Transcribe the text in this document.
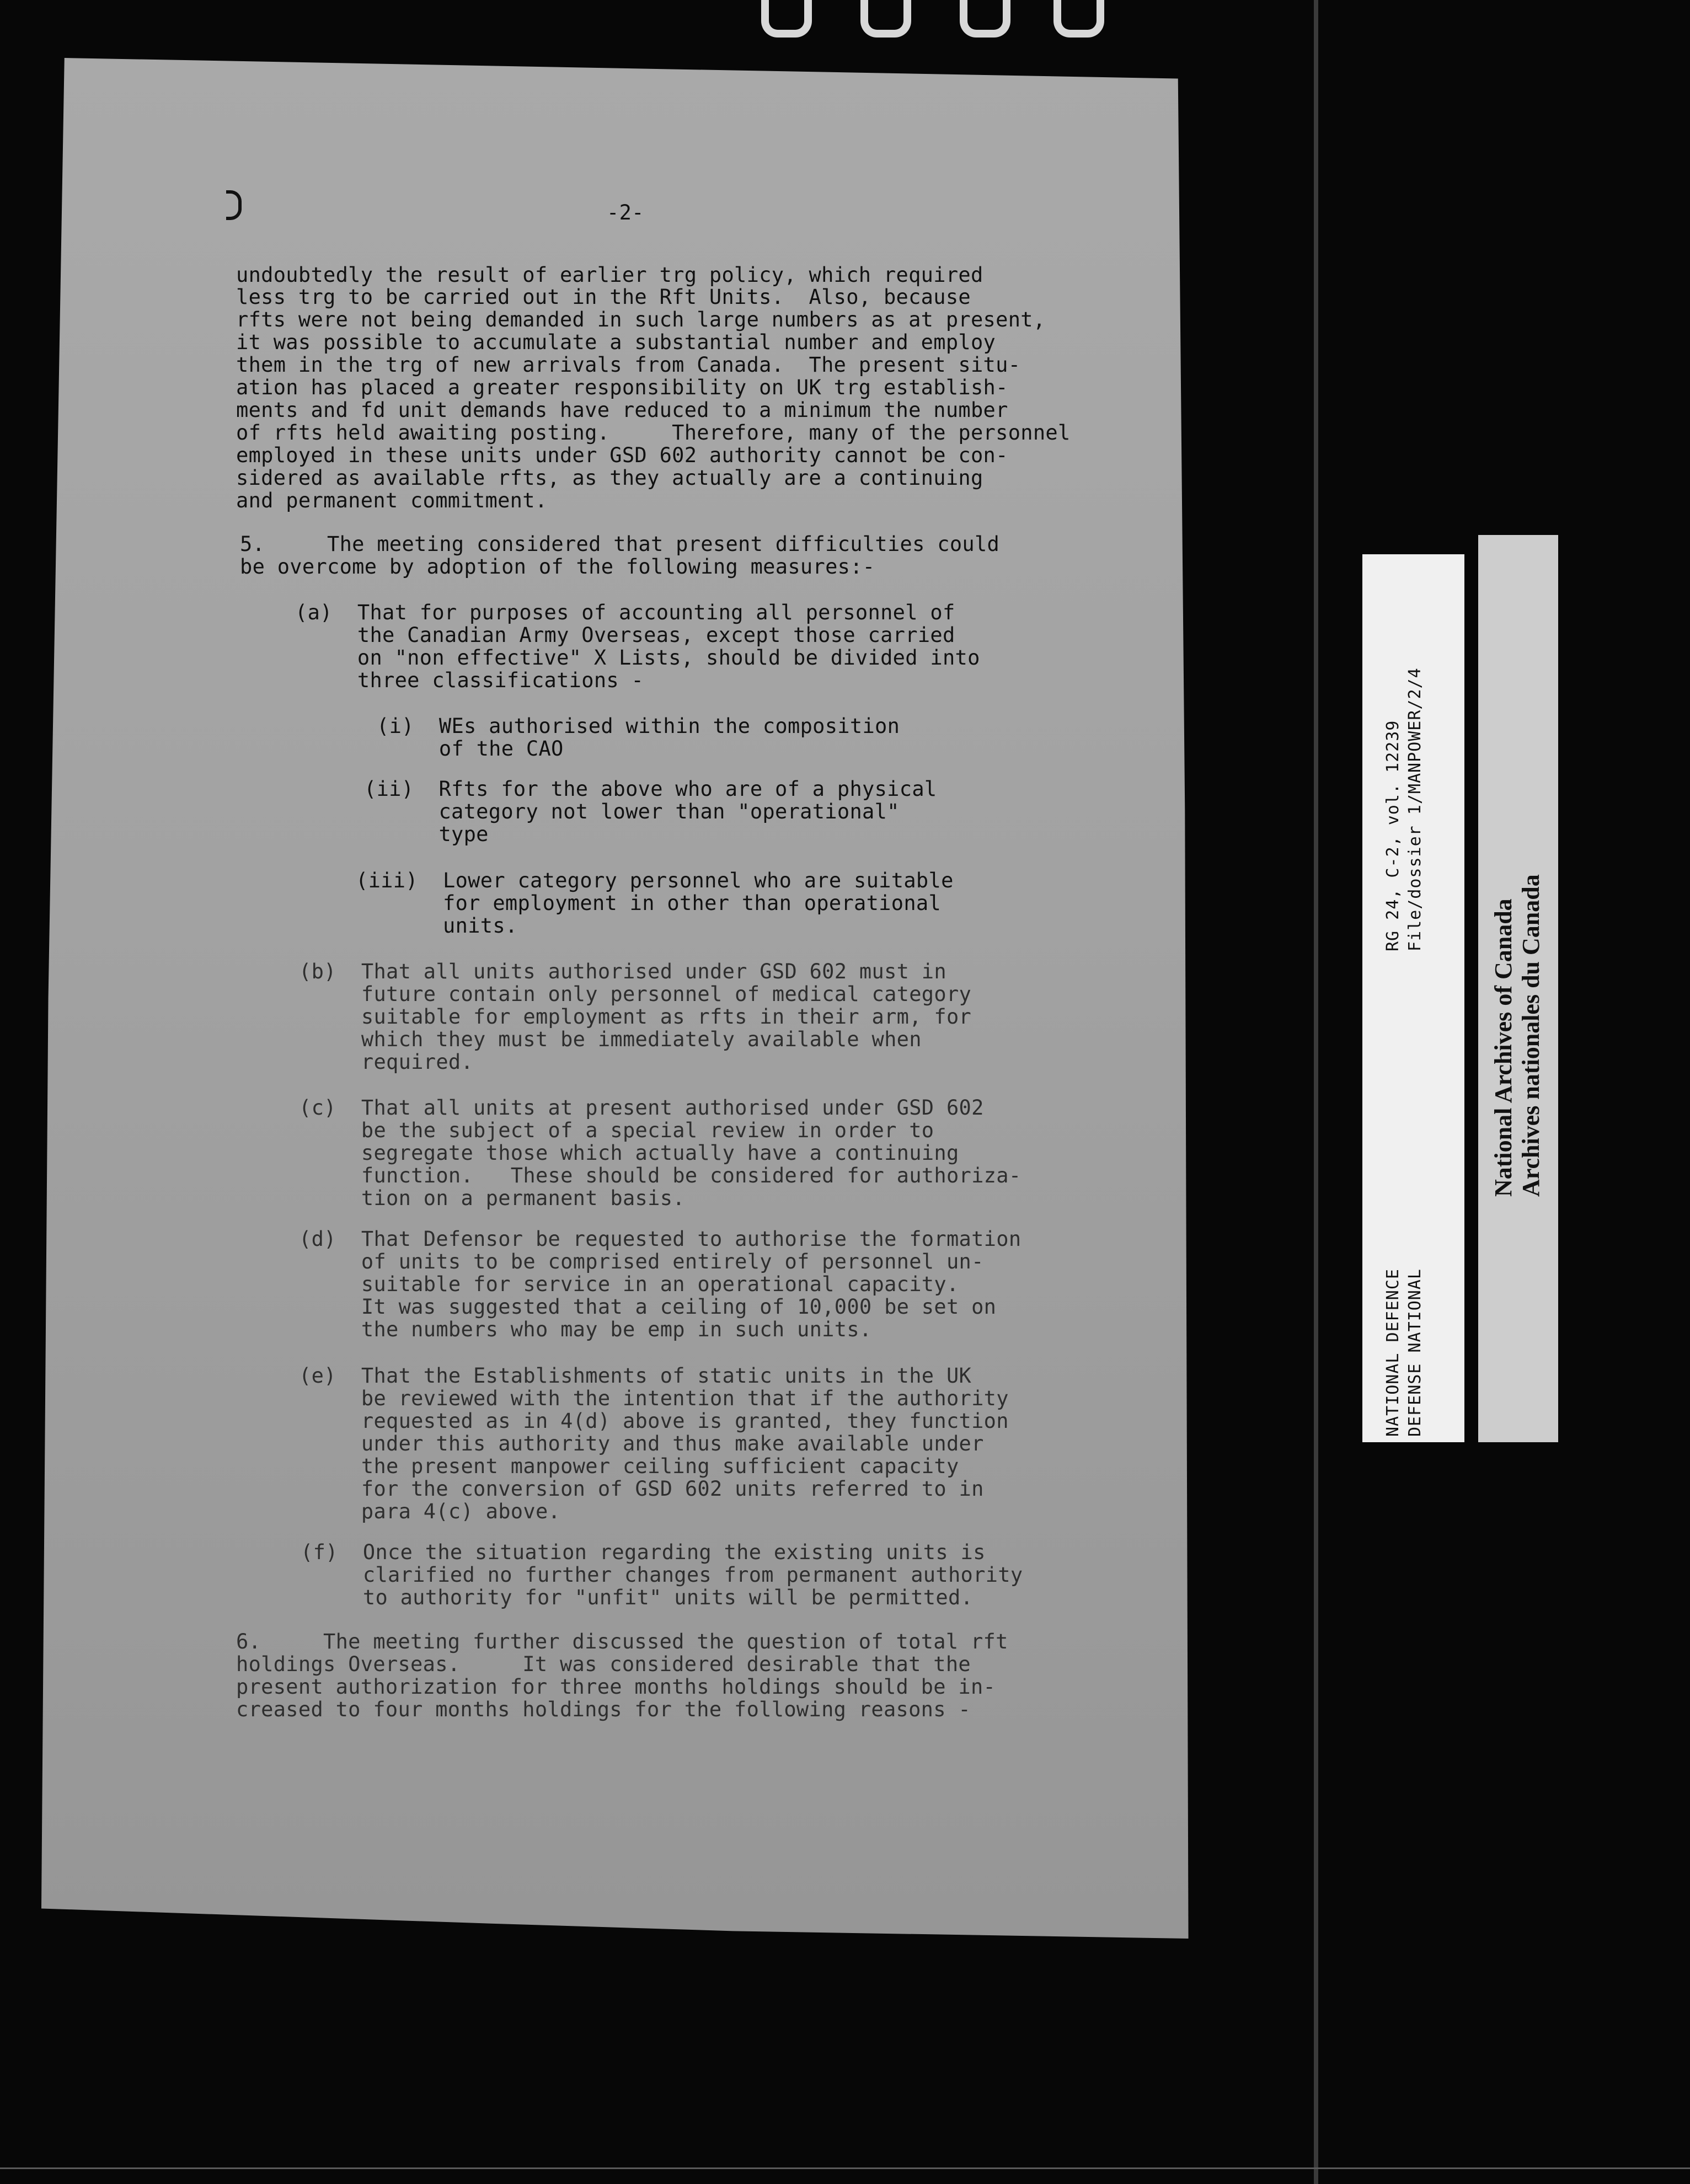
-2-

undoubtedly the result of earlier trg policy, which required

less trg to be carried out in the Rft Units.  Also, because

rfts were not being demanded in such large numbers as at present,

it was possible to accumulate a substantial number and employ

them in the trg of new arrivals from Canada.  The present situ-

ation has placed a greater responsibility on UK trg establish-

ments and fd unit demands have reduced to a minimum the number

of rfts held awaiting posting.     Therefore, many of the personnel

employed in these units under GSD 602 authority cannot be con-

sidered as available rfts, as they actually are a continuing

and permanent commitment.

5.     The meeting considered that present difficulties could

be overcome by adoption of the following measures:-

(a)  That for purposes of accounting all personnel of

the Canadian Army Overseas, except those carried

on "non effective" X Lists, should be divided into

three classifications -

(i)  WEs authorised within the composition

of the CAO

(ii)  Rfts for the above who are of a physical

category not lower than "operational"

type

(iii)  Lower category personnel who are suitable

for employment in other than operational

units.

(b)  That all units authorised under GSD 602 must in

future contain only personnel of medical category

suitable for employment as rfts in their arm, for

which they must be immediately available when

required.

(c)  That all units at present authorised under GSD 602

be the subject of a special review in order to

segregate those which actually have a continuing

function.   These should be considered for authoriza-

tion on a permanent basis.

(d)  That Defensor be requested to authorise the formation

of units to be comprised entirely of personnel un-

suitable for service in an operational capacity.

It was suggested that a ceiling of 10,000 be set on

the numbers who may be emp in such units.

(e)  That the Establishments of static units in the UK

be reviewed with the intention that if the authority

requested as in 4(d) above is granted, they function

under this authority and thus make available under

the present manpower ceiling sufficient capacity

for the conversion of GSD 602 units referred to in

para 4(c) above.

(f)  Once the situation regarding the existing units is

clarified no further changes from permanent authority

to authority for "unfit" units will be permitted.

6.     The meeting further discussed the question of total rft

holdings Overseas.     It was considered desirable that the

present authorization for three months holdings should be in-

creased to four months holdings for the following reasons -

RG 24, C-2, vol. 12239 File/dossier 1/MANPOWER/2/4
NATIONAL DEFENCE DEFENSE NATIONAL
National Archives of Canada Archives nationales du Canada
